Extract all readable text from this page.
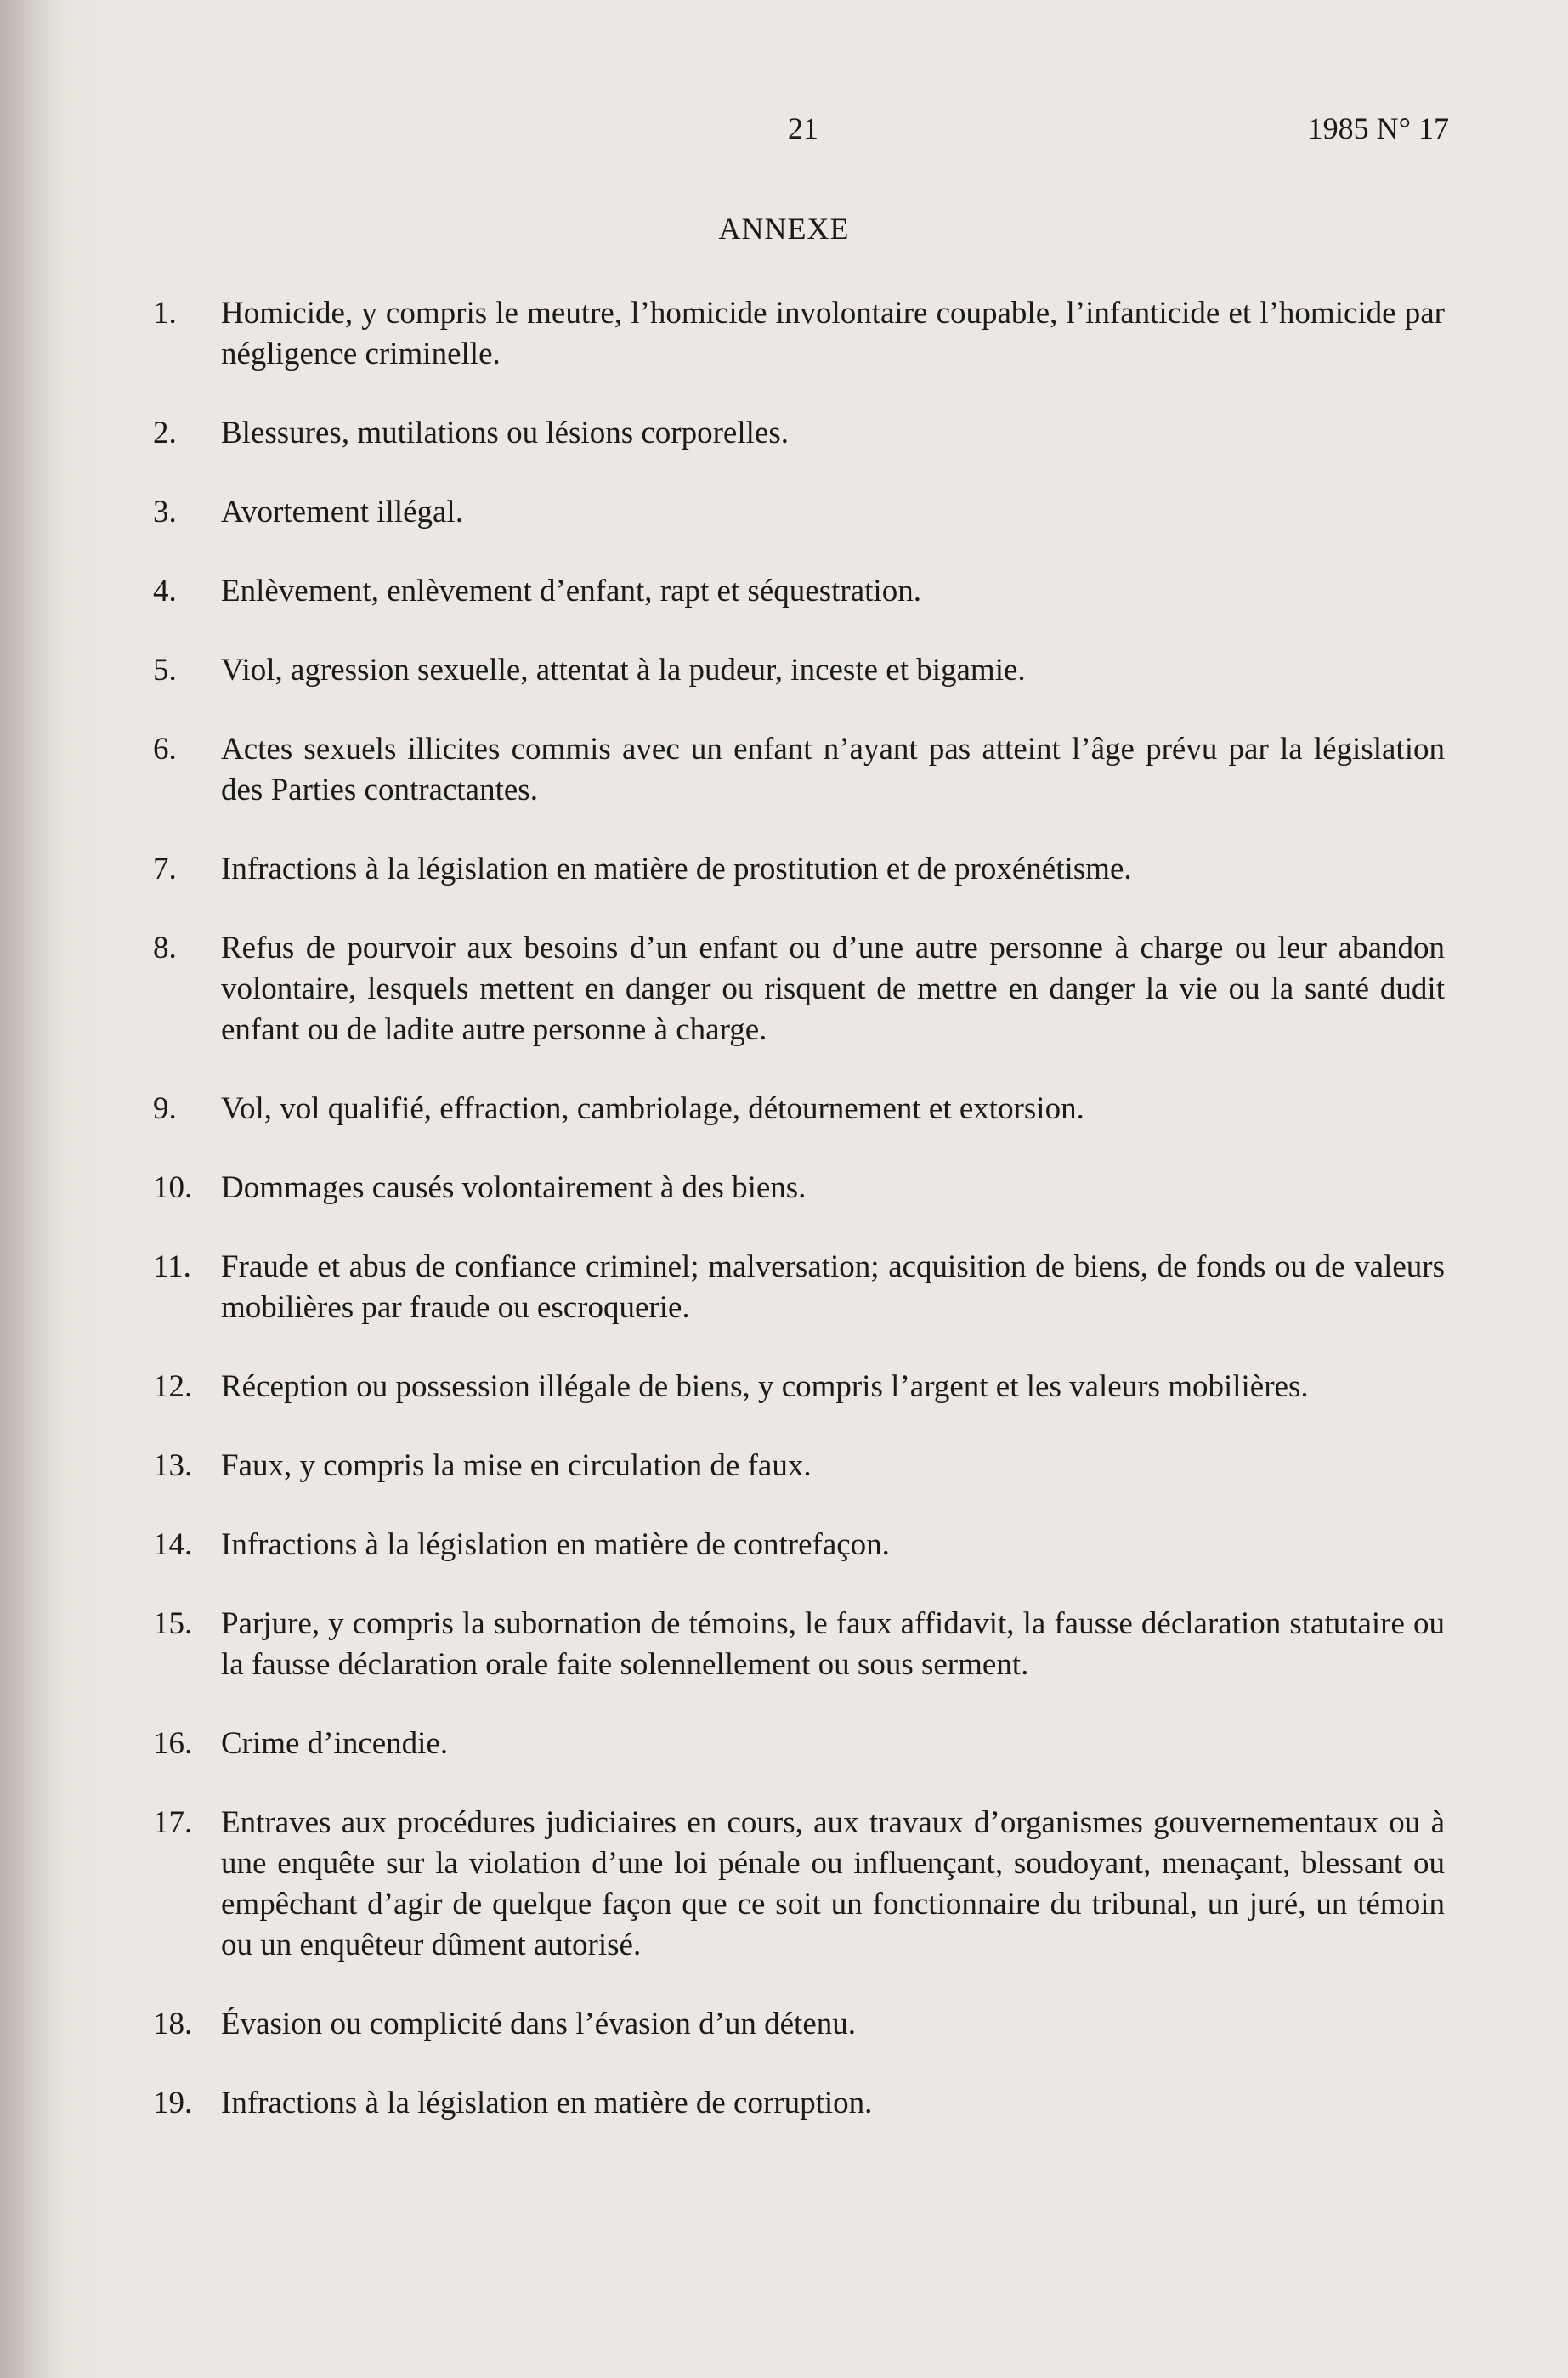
21	1985 N° 17
ANNEXE
1.	Homicide, y compris le meutre, l’homicide involontaire coupable, l’infanticide et l’homicide par négligence criminelle.
2.	Blessures, mutilations ou lésions corporelles.
3.	Avortement illégal.
4.	Enlèvement, enlèvement d’enfant, rapt et séquestration.
5.	Viol, agression sexuelle, attentat à la pudeur, inceste et bigamie.
6.	Actes sexuels illicites commis avec un enfant n’ayant pas atteint l’âge prévu par la législation des Parties contractantes.
7.	Infractions à la législation en matière de prostitution et de proxénétisme.
8.	Refus de pourvoir aux besoins d’un enfant ou d’une autre personne à charge ou leur abandon volontaire, lesquels mettent en danger ou risquent de mettre en danger la vie ou la santé dudit enfant ou de ladite autre personne à charge.
9.	Vol, vol qualifié, effraction, cambriolage, détournement et extorsion.
10. Dommages causés volontairement à des biens.
11. Fraude et abus de confiance criminel; malversation; acquisition de biens, de fonds ou de valeurs mobilières par fraude ou escroquerie.
12. Réception ou possession illégale de biens, y compris l’argent et les valeurs mobilières.
13. Faux, y compris la mise en circulation de faux.
14. Infractions à la législation en matière de contrefaçon.
15. Parjure, y compris la subornation de témoins, le faux affidavit, la fausse déclaration statutaire ou la fausse déclaration orale faite solennellement ou sous serment.
16. Crime d’incendie.
17. Entraves aux procédures judiciaires en cours, aux travaux d’organismes gouvernementaux ou à une enquête sur la violation d’une loi pénale ou influençant, soudoyant, menaçant, blessant ou empêchant d’agir de quelque façon que ce soit un fonctionnaire du tribunal, un juré, un témoin ou un enquêteur dûment autorisé.
18. Évasion ou complicité dans l’évasion d’un détenu.
19. Infractions à la législation en matière de corruption.
